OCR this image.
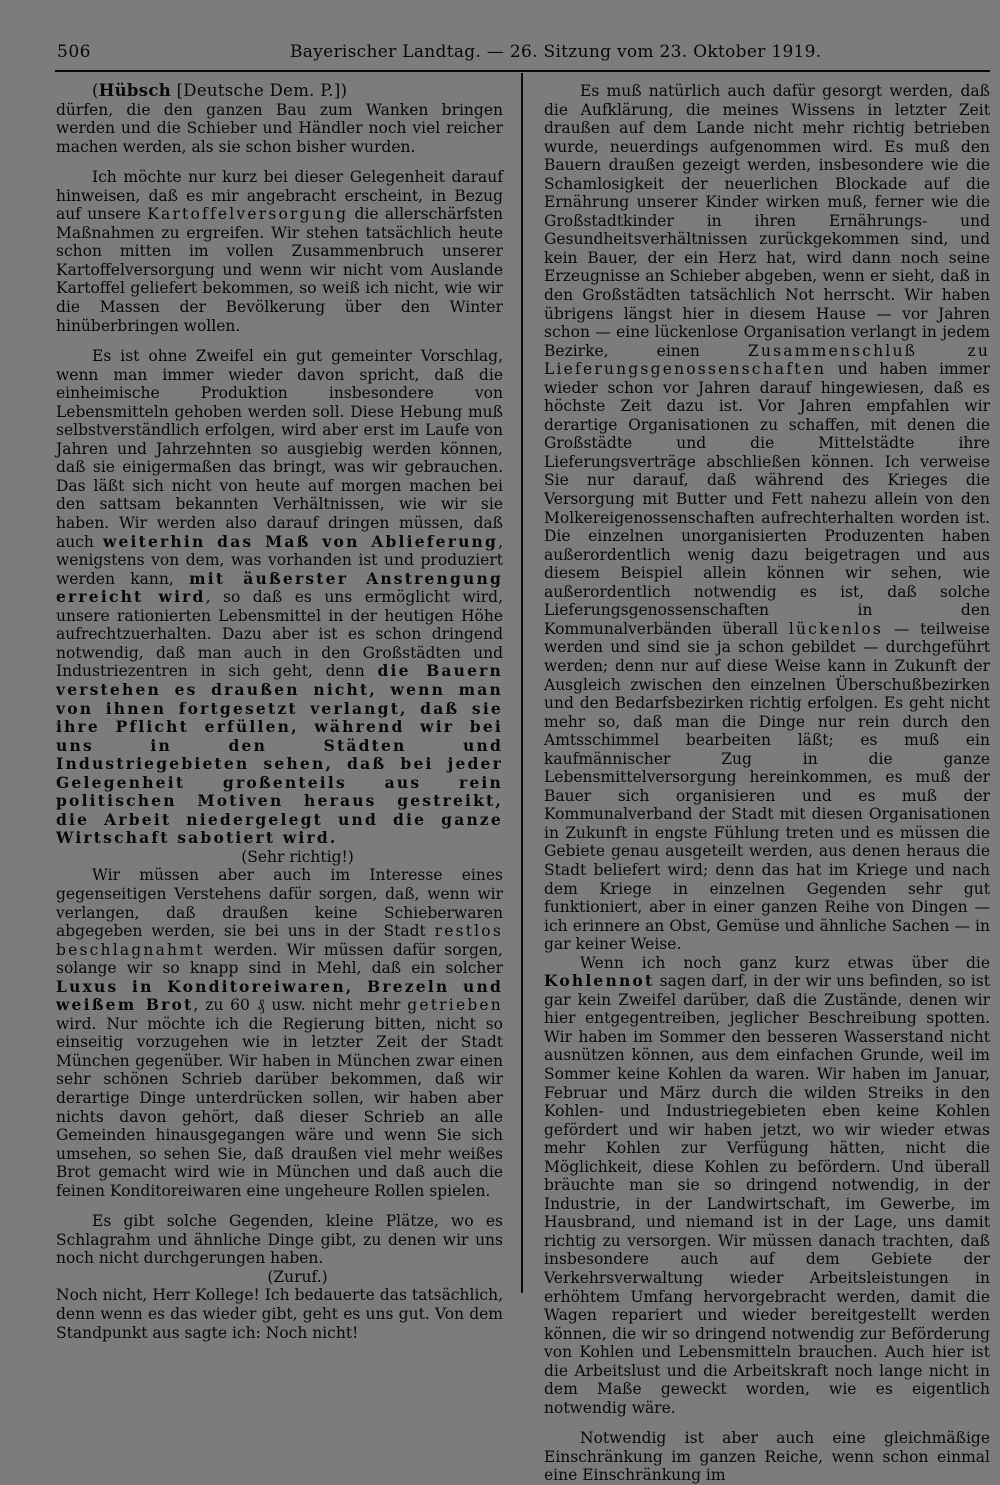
506	Bayerischer Landtag. — 26. Sitzung vom 23. Oktober 1919.

(Hübsch [Deutsche Dem. P.])

dürfen, die den ganzen Bau zum Wanken bringen werden und die Schieber und Händler noch viel reicher machen werden, als sie schon bisher wurden.

Ich möchte nur kurz bei dieser Gelegenheit darauf hinweisen, daß es mir angebracht erscheint, in Bezug auf unsere Kartoffelversorgung die allerschärfsten Maßnahmen zu ergreifen. Wir stehen tatsächlich heute schon mitten im vollen Zusammenbruch unserer Kartoffelversorgung und wenn wir nicht vom Auslande Kartoffel geliefert bekommen, so weiß ich nicht, wie wir die Massen der Bevölkerung über den Winter hinüberbringen wollen.

Es ist ohne Zweifel ein gut gemeinter Vorschlag, wenn man immer wieder davon spricht, daß die einheimische Produktion insbesondere von Lebensmitteln gehoben werden soll. Diese Hebung muß selbstverständlich erfolgen, wird aber erst im Laufe von Jahren und Jahrzehnten so ausgiebig werden können, daß sie einigermaßen das bringt, was wir gebrauchen. Das läßt sich nicht von heute auf morgen machen bei den sattsam bekannten Verhältnissen, wie wir sie haben. Wir werden also darauf dringen müssen, daß auch weiterhin das Maß von Ablieferung, wenigstens von dem, was vorhanden ist und produziert werden kann, mit äußerster Anstrengung erreicht wird, so daß es uns ermöglicht wird, unsere rationierten Lebensmittel in der heutigen Höhe aufrechtzuerhalten. Dazu aber ist es schon dringend notwendig, daß man auch in den Großstädten und Industriezentren in sich geht, denn die Bauern verstehen es draußen nicht, wenn man von ihnen fortgesetzt verlangt, daß sie ihre Pflicht erfüllen, während wir bei uns in den Städten und Industriegebieten sehen, daß bei jeder Gelegenheit großenteils aus rein politischen Motiven heraus gestreikt, die Arbeit niedergelegt und die ganze Wirtschaft sabotiert wird.

(Sehr richtig!)

Wir müssen aber auch im Interesse eines gegenseitigen Verstehens dafür sorgen, daß, wenn wir verlangen, daß draußen keine Schieberwaren abgegeben werden, sie bei uns in der Stadt restlos beschlagnahmt werden. Wir müssen dafür sorgen, solange wir so knapp sind in Mehl, daß ein solcher Luxus in Konditoreiwaren, Brezeln und weißem Brot, zu 60 ₰ usw. nicht mehr getrieben wird. Nur möchte ich die Regierung bitten, nicht so einseitig vorzugehen wie in letzter Zeit der Stadt München gegenüber. Wir haben in München zwar einen sehr schönen Schrieb darüber bekommen, daß wir derartige Dinge unterdrücken sollen, wir haben aber nichts davon gehört, daß dieser Schrieb an alle Gemeinden hinausgegangen wäre und wenn Sie sich umsehen, so sehen Sie, daß draußen viel mehr weißes Brot gemacht wird wie in München und daß auch die feinen Konditoreiwaren eine ungeheure Rollen spielen.

Es gibt solche Gegenden, kleine Plätze, wo es Schlagrahm und ähnliche Dinge gibt, zu denen wir uns noch nicht durchgerungen haben.

(Zuruf.)

Noch nicht, Herr Kollege! Ich bedauerte das tatsächlich, denn wenn es das wieder gibt, geht es uns gut. Von dem Standpunkt aus sagte ich: Noch nicht!

Es muß natürlich auch dafür gesorgt werden, daß die Aufklärung, die meines Wissens in letzter Zeit draußen auf dem Lande nicht mehr richtig betrieben wurde, neuerdings aufgenommen wird. Es muß den Bauern draußen gezeigt werden, insbesondere wie die Schamlosigkeit der neuerlichen Blockade auf die Ernährung unserer Kinder wirken muß, ferner wie die Großstadtkinder in ihren Ernährungs- und Gesundheitsverhältnissen zurückgekommen sind, und kein Bauer, der ein Herz hat, wird dann noch seine Erzeugnisse an Schieber abgeben, wenn er sieht, daß in den Großstädten tatsächlich Not herrscht. Wir haben übrigens längst hier in diesem Hause — vor Jahren schon — eine lückenlose Organisation verlangt in jedem Bezirke, einen Zusammenschluß zu Lieferungsgenossenschaften und haben immer wieder schon vor Jahren darauf hingewiesen, daß es höchste Zeit dazu ist. Vor Jahren empfahlen wir derartige Organisationen zu schaffen, mit denen die Großstädte und die Mittelstädte ihre Lieferungsverträge abschließen können. Ich verweise Sie nur darauf, daß während des Krieges die Versorgung mit Butter und Fett nahezu allein von den Molkereigenossenschaften aufrechterhalten worden ist. Die einzelnen unorganisierten Produzenten haben außerordentlich wenig dazu beigetragen und aus diesem Beispiel allein können wir sehen, wie außerordentlich notwendig es ist, daß solche Lieferungsgenossenschaften in den Kommunalverbänden überall lückenlos — teilweise werden und sind sie ja schon gebildet — durchgeführt werden; denn nur auf diese Weise kann in Zukunft der Ausgleich zwischen den einzelnen Überschußbezirken und den Bedarfsbezirken richtig erfolgen. Es geht nicht mehr so, daß man die Dinge nur rein durch den Amtsschimmel bearbeiten läßt; es muß ein kaufmännischer Zug in die ganze Lebensmittelversorgung hereinkommen, es muß der Bauer sich organisieren und es muß der Kommunalverband der Stadt mit diesen Organisationen in Zukunft in engste Fühlung treten und es müssen die Gebiete genau ausgeteilt werden, aus denen heraus die Stadt beliefert wird; denn das hat im Kriege und nach dem Kriege in einzelnen Gegenden sehr gut funktioniert, aber in einer ganzen Reihe von Dingen — ich erinnere an Obst, Gemüse und ähnliche Sachen — in gar keiner Weise.

Wenn ich noch ganz kurz etwas über die Kohlennot sagen darf, in der wir uns befinden, so ist gar kein Zweifel darüber, daß die Zustände, denen wir hier entgegentreiben, jeglicher Beschreibung spotten. Wir haben im Sommer den besseren Wasserstand nicht ausnützen können, aus dem einfachen Grunde, weil im Sommer keine Kohlen da waren. Wir haben im Januar, Februar und März durch die wilden Streiks in den Kohlen- und Industriegebieten eben keine Kohlen gefördert und wir haben jetzt, wo wir wieder etwas mehr Kohlen zur Verfügung hätten, nicht die Möglichkeit, diese Kohlen zu befördern. Und überall bräuchte man sie so dringend notwendig, in der Industrie, in der Landwirtschaft, im Gewerbe, im Hausbrand, und niemand ist in der Lage, uns damit richtig zu versorgen. Wir müssen danach trachten, daß insbesondere auch auf dem Gebiete der Verkehrsverwaltung wieder Arbeitsleistungen in erhöhtem Umfang hervorgebracht werden, damit die Wagen repariert und wieder bereitgestellt werden können, die wir so dringend notwendig zur Beförderung von Kohlen und Lebensmitteln brauchen. Auch hier ist die Arbeitslust und die Arbeitskraft noch lange nicht in dem Maße geweckt worden, wie es eigentlich notwendig wäre.

Notwendig ist aber auch eine gleichmäßige Einschränkung im ganzen Reiche, wenn schon einmal eine Einschränkung im
